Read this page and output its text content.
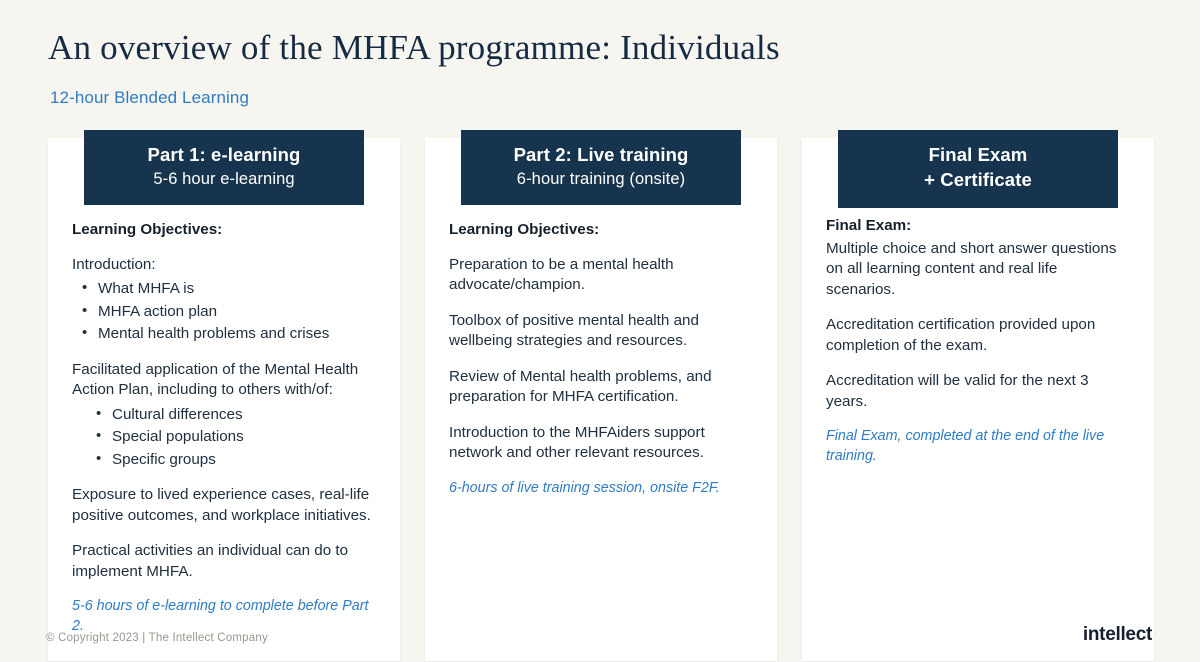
An overview of the MHFA programme: Individuals
12-hour Blended Learning
Part 1: e-learning
5-6 hour e-learning
Learning Objectives:
Introduction:
• What MHFA is
• MHFA action plan
• Mental health problems and crises
Facilitated application of the Mental Health Action Plan, including to others with/of:
• Cultural differences
• Special populations
• Specific groups
Exposure to lived experience cases, real-life positive outcomes, and workplace initiatives.
Practical activities an individual can do to implement MHFA.
5-6 hours of e-learning to complete before Part 2.
Part 2: Live training
6-hour training (onsite)
Learning Objectives:
Preparation to be a mental health advocate/champion.
Toolbox of positive mental health and wellbeing strategies and resources.
Review of Mental health problems, and preparation for MHFA certification.
Introduction to the MHFAiders support network and other relevant resources.
6-hours of live training session, onsite F2F.
Final Exam
+ Certificate
Final Exam:
Multiple choice and short answer questions on all learning content and real life scenarios.
Accreditation certification provided upon completion of the exam.
Accreditation will be valid for the next 3 years.
Final Exam, completed at the end of the live training.
© Copyright 2023 | The Intellect Company	intellect
